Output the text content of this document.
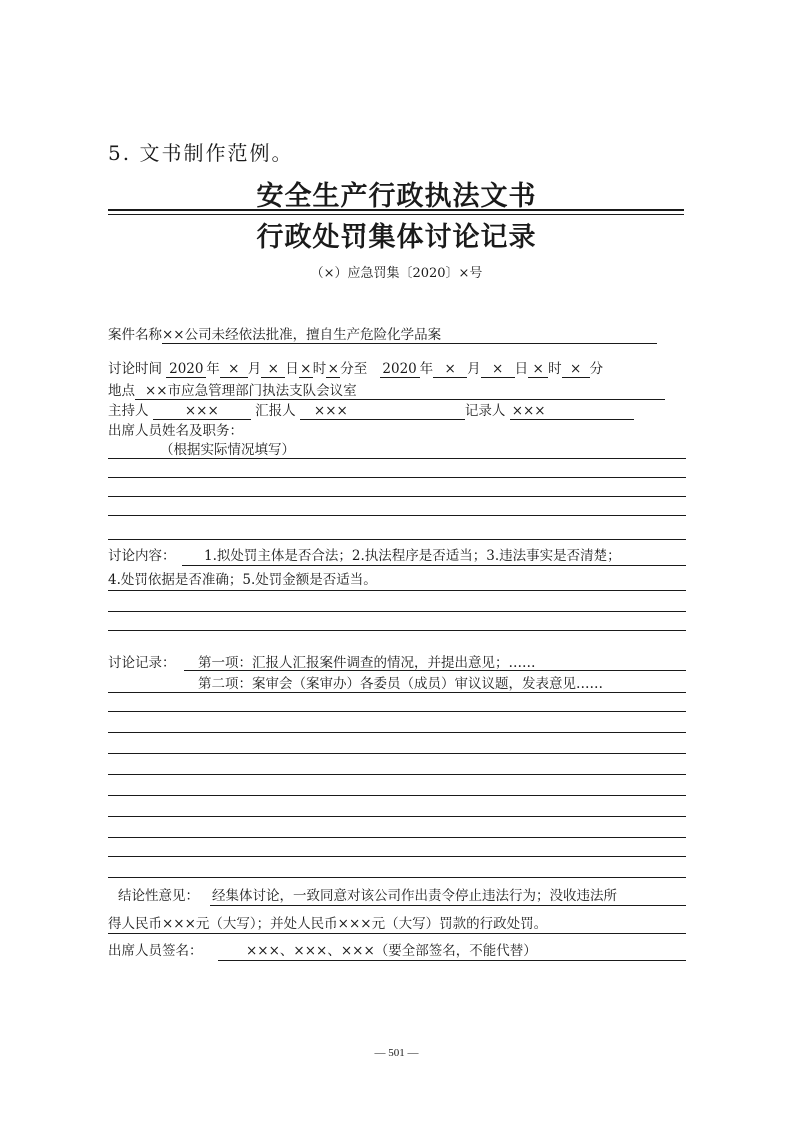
5. 文书制作范例。
安全生产行政执法文书
行政处罚集体讨论记录
（×）应急罚集〔2020〕×号
案件名称××公司未经依法批准，擅自生产危险化学品案
讨论时间 2020 年 × 月 × 日×时×分至 2020 年 × 月 × 日 × 时 × 分
地点 ××市应急管理部门执法支队会议室
主持人	×××	汇报人 ×××	记录人 ×××
出席人员姓名及职务：
（根据实际情况填写）
讨论内容： 1.拟处罚主体是否合法；2.执法程序是否适当；3.违法事实是否清楚；
4.处罚依据是否准确；5.处罚金额是否适当。
讨论记录： 第一项：汇报人汇报案件调查的情况，并提出意见；……
第二项：案审会（案审办）各委员（成员）审议议题，发表意见……
结论性意见： 经集体讨论，一致同意对该公司作出责令停止违法行为；没收违法所
得人民币×××元（大写）；并处人民币×××元（大写）罚款的行政处罚。
出席人员签名：	×××、×××、×××（要全部签名，不能代替）
— 501 —
